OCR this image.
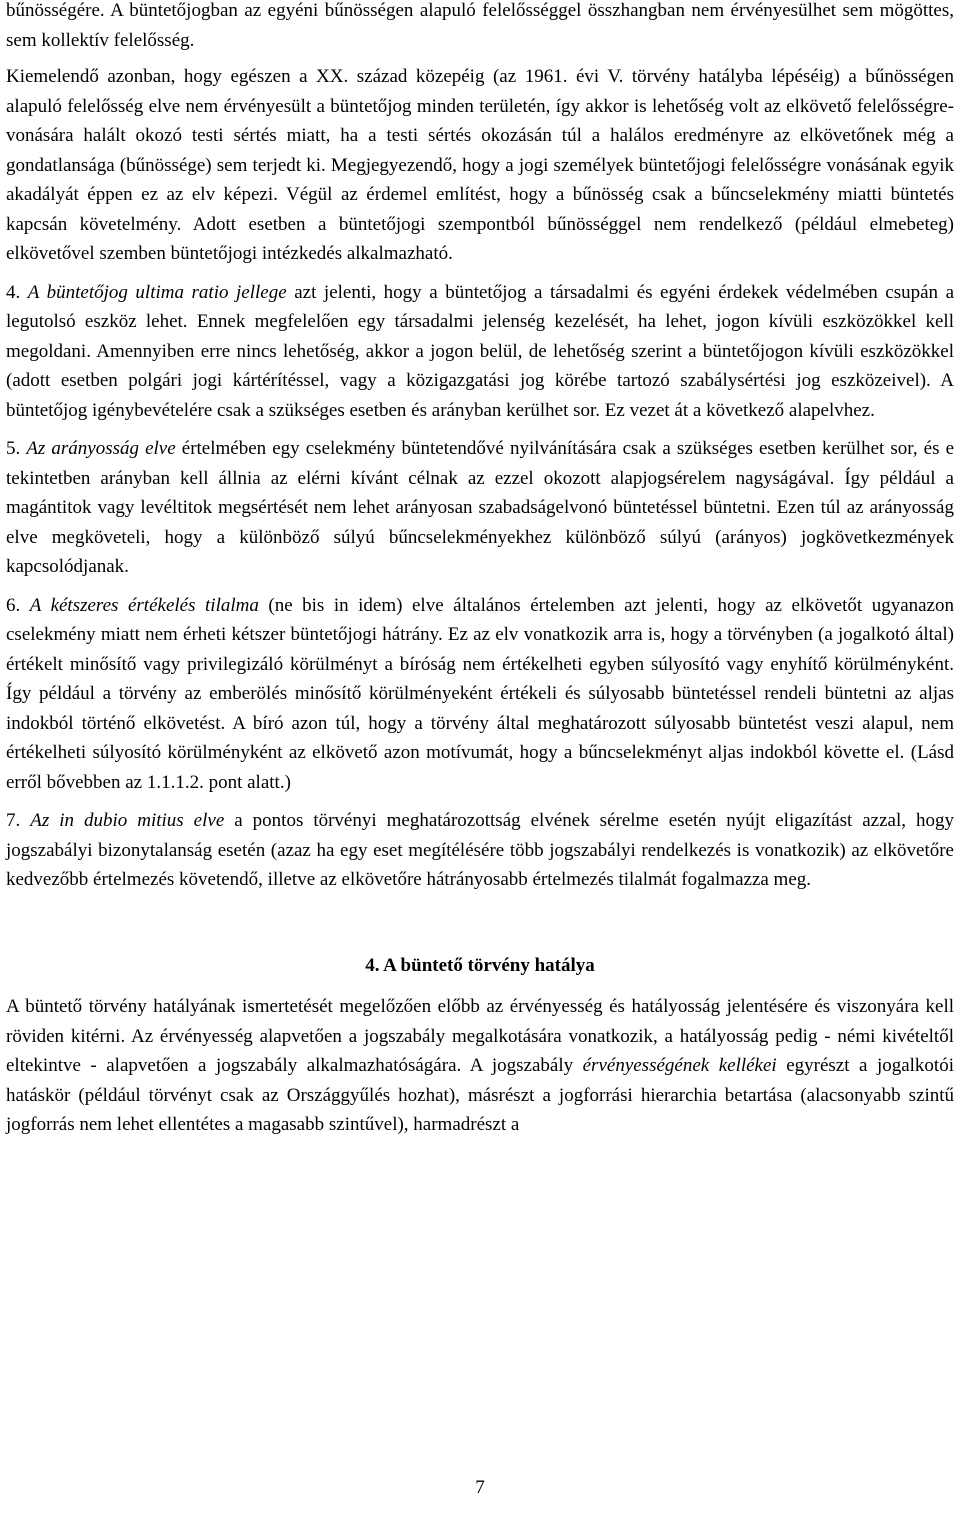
bűnösségére. A büntetőjogban az egyéni bűnösségen alapuló felelősséggel összhangban nem érvényesülhet sem mögöttes, sem kollektív felelősség.

Kiemelendő azonban, hogy egészen a XX. század közepéig (az 1961. évi V. törvény hatályba lépéséig) a bűnösségen alapuló felelősség elve nem érvényesült a büntetőjog minden területén, így akkor is lehetőség volt az elkövető felelősségre-vonására halált okozó testi sértés miatt, ha a testi sértés okozásán túl a halálos eredményre az elkövetőnek még a gondatlansága (bűnössége) sem terjedt ki. Megjegyezendő, hogy a jogi személyek büntetőjogi felelősségre vonásának egyik akadályát éppen ez az elv képezi. Végül az érdemel említést, hogy a bűnösség csak a bűncselekmény miatti büntetés kapcsán követelmény. Adott esetben a büntetőjogi szempontból bűnösséggel nem rendelkező (például elmebeteg) elkövetővel szemben büntetőjogi intézkedés alkalmazható.

4. A büntetőjog ultima ratio jellege azt jelenti, hogy a büntetőjog a társadalmi és egyéni érdekek védelmében csupán a legutolsó eszköz lehet. Ennek megfelelően egy társadalmi jelenség kezelését, ha lehet, jogon kívüli eszközökkel kell megoldani. Amennyiben erre nincs lehetőség, akkor a jogon belül, de lehetőség szerint a büntetőjogon kívüli eszközökkel (adott esetben polgári jogi kártérítéssel, vagy a közigazgatási jog körébe tartozó szabálysértési jog eszközeivel). A büntetőjog igénybevételére csak a szükséges esetben és arányban kerülhet sor. Ez vezet át a következő alapelvhez.

5. Az arányosság elve értelmében egy cselekmény büntetendővé nyilvánítására csak a szükséges esetben kerülhet sor, és e tekintetben arányban kell állnia az elérni kívánt célnak az ezzel okozott alapjogsérelem nagyságával. Így például a magántitok vagy levéltitok megsértését nem lehet arányosan szabadságelvonó büntetéssel büntetni. Ezen túl az arányosság elve megköveteli, hogy a különböző súlyú bűncselekményekhez különböző súlyú (arányos) jogkövetkezmények kapcsolódjanak.

6. A kétszeres értékelés tilalma (ne bis in idem) elve általános értelemben azt jelenti, hogy az elkövetőt ugyanazon cselekmény miatt nem érheti kétszer büntetőjogi hátrány. Ez az elv vonatkozik arra is, hogy a törvényben (a jogalkotó által) értékelt minősítő vagy privilegizáló körülményt a bíróság nem értékelheti egyben súlyosító vagy enyhítő körülményként. Így például a törvény az emberölés minősítő körülményeként értékeli és súlyosabb büntetéssel rendeli büntetni az aljas indokból történő elkövetést. A bíró azon túl, hogy a törvény által meghatározott súlyosabb büntetést veszi alapul, nem értékelheti súlyosító körülményként az elkövető azon motívumát, hogy a bűncselekményt aljas indokból követte el. (Lásd erről bővebben az 1.1.1.2. pont alatt.)

7. Az in dubio mitius elve a pontos törvényi meghatározottság elvének sérelme esetén nyújt eligazítást azzal, hogy jogszabályi bizonytalanság esetén (azaz ha egy eset megítélésére több jogszabályi rendelkezés is vonatkozik) az elkövetőre kedvezőbb értelmezés követendő, illetve az elkövetőre hátrányosabb értelmezés tilalmát fogalmazza meg.

4. A büntető törvény hatálya

A büntető törvény hatályának ismertetését megelőzően előbb az érvényesség és hatályosság jelentésére és viszonyára kell röviden kitérni. Az érvényesség alapvetően a jogszabály megalkotására vonatkozik, a hatályosság pedig - némi kivételtől eltekintve - alapvetően a jogszabály alkalmazhatóságára. A jogszabály érvényességének kellékei egyrészt a jogalkotói hatáskör (például törvényt csak az Országgyűlés hozhat), másrészt a jogforrási hierarchia betartása (alacsonyabb szintű jogforrás nem lehet ellentétes a magasabb szintűvel), harmadrészt a

7
